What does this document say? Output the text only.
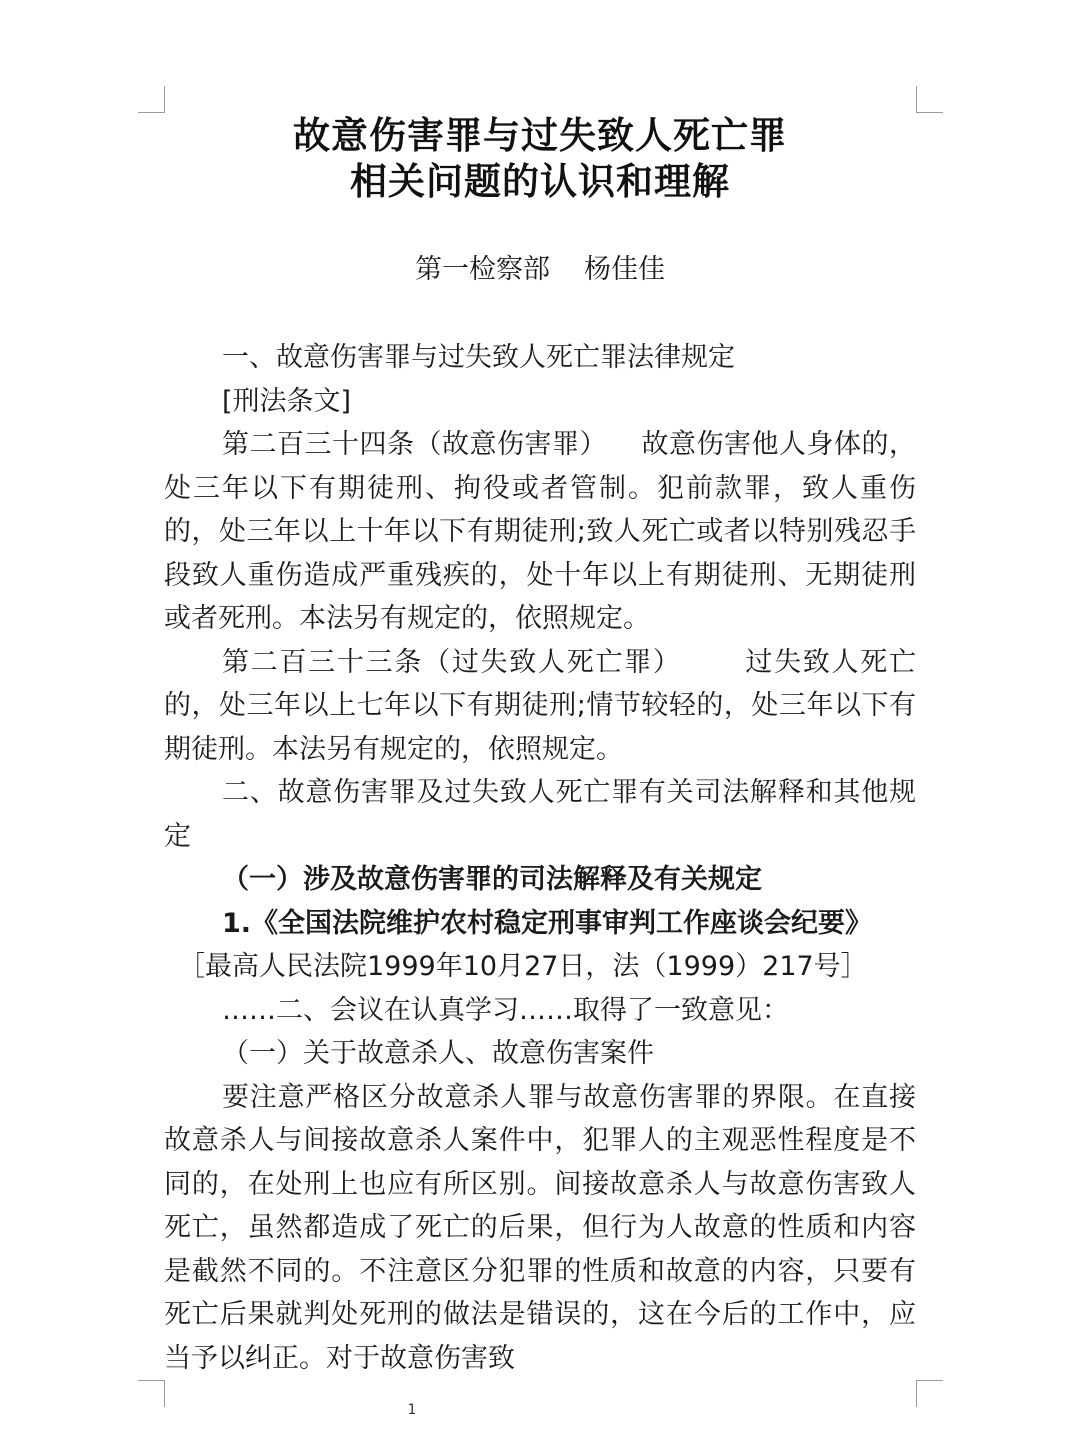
故意伤害罪与过失致人死亡罪
相关问题的认识和理解
第一检察部 杨佳佳

一、故意伤害罪与过失致人死亡罪法律规定

[刑法条文]

第二百三十四条（故意伤害罪） 故意伤害他人身体的，处三年以下有期徒刑、拘役或者管制。犯前款罪，致人重伤的，处三年以上十年以下有期徒刑;致人死亡或者以特别残忍手段致人重伤造成严重残疾的，处十年以上有期徒刑、无期徒刑或者死刑。本法另有规定的，依照规定。

第二百三十三条（过失致人死亡罪） 过失致人死亡的，处三年以上七年以下有期徒刑;情节较轻的，处三年以下有期徒刑。本法另有规定的，依照规定。

二、故意伤害罪及过失致人死亡罪有关司法解释和其他规定

（一）涉及故意伤害罪的司法解释及有关规定

1.《全国法院维护农村稳定刑事审判工作座谈会纪要》

［最高人民法院1999年10月27日，法（1999）217号］

……二、会议在认真学习……取得了一致意见：

（一）关于故意杀人、故意伤害案件

要注意严格区分故意杀人罪与故意伤害罪的界限。在直接故意杀人与间接故意杀人案件中，犯罪人的主观恶性程度是不同的，在处刑上也应有所区别。间接故意杀人与故意伤害致人死亡，虽然都造成了死亡的后果，但行为人故意的性质和内容是截然不同的。不注意区分犯罪的性质和故意的内容，只要有死亡后果就判处死刑的做法是错误的，这在今后的工作中，应当予以纠正。对于故意伤害致

1
